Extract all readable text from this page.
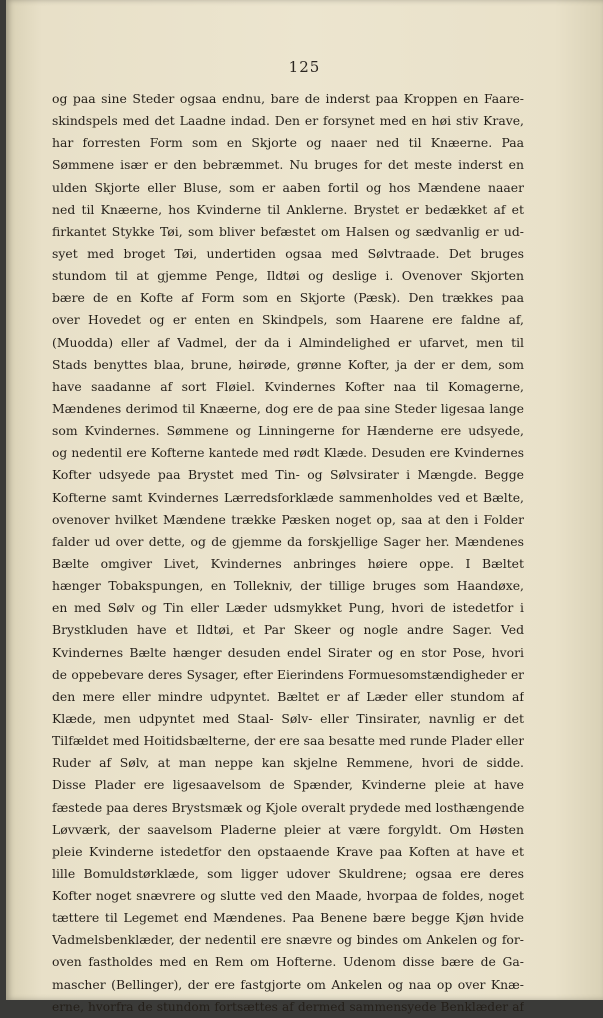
125
og paa sine Steder ogsaa endnu, bare de inderst paa Kroppen en Faare-
skindspels med det Laadne indad. Den er forsynet med en høi stiv Krave,
har forresten Form som en Skjorte og naaer ned til Knæerne. Paa
Sømmene især er den bebræmmet. Nu bruges for det meste inderst en
ulden Skjorte eller Bluse, som er aaben fortil og hos Mændene naaer
ned til Knæerne, hos Kvinderne til Anklerne. Brystet er bedækket af et
firkantet Stykke Tøi, som bliver befæstet om Halsen og sædvanlig er ud-
syet med broget Tøi, undertiden ogsaa med Sølvtraade. Det bruges
stundom til at gjemme Penge, Ildtøi og deslige i. Ovenover Skjorten
bære de en Kofte af Form som en Skjorte (Pæsk). Den trækkes paa
over Hovedet og er enten en Skindpels, som Haarene ere faldne af,
(Muodda) eller af Vadmel, der da i Almindelighed er ufarvet, men til
Stads benyttes blaa, brune, høirøde, grønne Kofter, ja der er dem, som
have saadanne af sort Fløiel. Kvindernes Kofter naa til Komagerne,
Mændenes derimod til Knæerne, dog ere de paa sine Steder ligesaa lange
som Kvindernes. Sømmene og Linningerne for Hænderne ere udsyede,
og nedentil ere Kofterne kantede med rødt Klæde. Desuden ere Kvindernes
Kofter udsyede paa Brystet med Tin- og Sølvsirater i Mængde. Begge
Kofterne samt Kvindernes Lærredsforklæde sammenholdes ved et Bælte,
ovenover hvilket Mændene trække Pæsken noget op, saa at den i Folder
falder ud over dette, og de gjemme da forskjellige Sager her. Mændenes
Bælte omgiver Livet, Kvindernes anbringes høiere oppe. I Bæltet
hænger Tobakspungen, en Tollekniv, der tillige bruges som Haandøxe,
en med Sølv og Tin eller Læder udsmykket Pung, hvori de istedetfor i
Brystkluden have et Ildtøi, et Par Skeer og nogle andre Sager. Ved
Kvindernes Bælte hænger desuden endel Sirater og en stor Pose, hvori
de oppebevare deres Sysager, efter Eierindens Formuesomstændigheder er
den mere eller mindre udpyntet. Bæltet er af Læder eller stundom af
Klæde, men udpyntet med Staal- Sølv- eller Tinsirater, navnlig er det
Tilfældet med Hoitidsbælterne, der ere saa besatte med runde Plader eller
Ruder af Sølv, at man neppe kan skjelne Remmene, hvori de sidde.
Disse Plader ere ligesaavelsom de Spænder, Kvinderne pleie at have
fæstede paa deres Brystsmæk og Kjole overalt prydede med losthængende
Løvværk, der saavelsom Pladerne pleier at være forgyldt. Om Høsten
pleie Kvinderne istedetfor den opstaaende Krave paa Koften at have et
lille Bomuldstørklæde, som ligger udover Skuldrene; ogsaa ere deres
Kofter noget snævrere og slutte ved den Maade, hvorpaa de foldes, noget
tættere til Legemet end Mændenes. Paa Benene bære begge Kjøn hvide
Vadmelsbenklæder, der nedentil ere snævre og bindes om Ankelen og for-
oven fastholdes med en Rem om Hofterne. Udenom disse bære de Ga-
mascher (Bellinger), der ere fastgjorte om Ankelen og naa op over Knæ-
erne, hvorfra de stundom fortsættes af dermed sammensyede Benklæder af
